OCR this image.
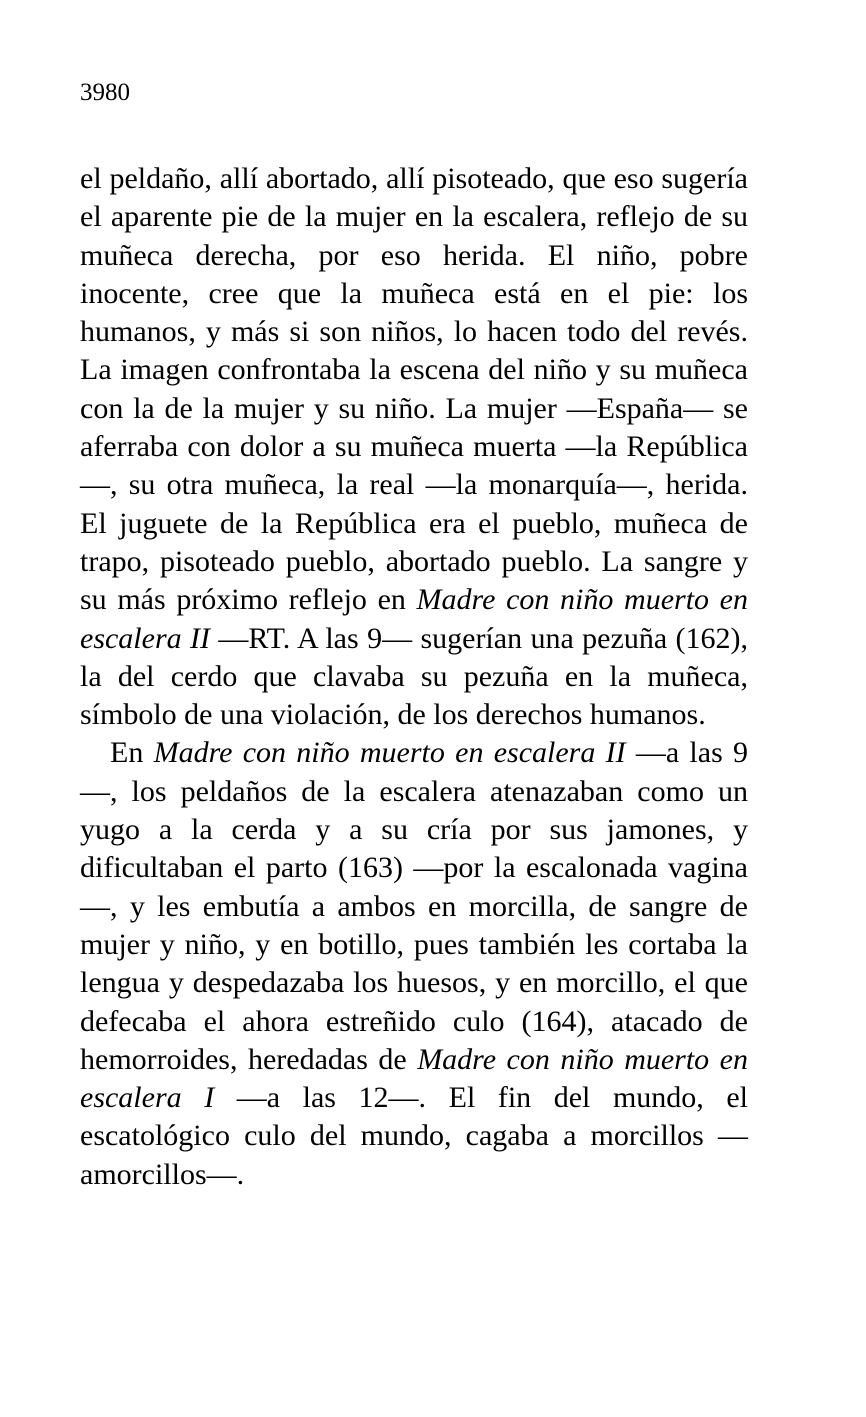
3980

el peldaño, allí abortado, allí pisoteado, que eso sugería el aparente pie de la mujer en la escalera, reflejo de su muñeca derecha, por eso herida. El niño, pobre inocente, cree que la muñeca está en el pie: los humanos, y más si son niños, lo hacen todo del revés. La imagen confrontaba la escena del niño y su muñeca con la de la mujer y su niño. La mujer —España— se aferraba con dolor a su muñeca muerta —la República—, su otra muñeca, la real —la monarquía—, herida. El juguete de la República era el pueblo, muñeca de trapo, pisoteado pueblo, abortado pueblo. La sangre y su más próximo reflejo en Madre con niño muerto en escalera II —RT. A las 9— sugerían una pezuña (162), la del cerdo que clavaba su pezuña en la muñeca, símbolo de una violación, de los derechos humanos.

En Madre con niño muerto en escalera II —a las 9—, los peldaños de la escalera atenazaban como un yugo a la cerda y a su cría por sus jamones, y dificultaban el parto (163) —por la escalonada vagina—, y les embutía a ambos en morcilla, de sangre de mujer y niño, y en botillo, pues también les cortaba la lengua y despedazaba los huesos, y en morcillo, el que defecaba el ahora estreñido culo (164), atacado de hemorroides, heredadas de Madre con niño muerto en escalera I —a las 12—. El fin del mundo, el escatológico culo del mundo, cagaba a morcillos —amorcillos—.
